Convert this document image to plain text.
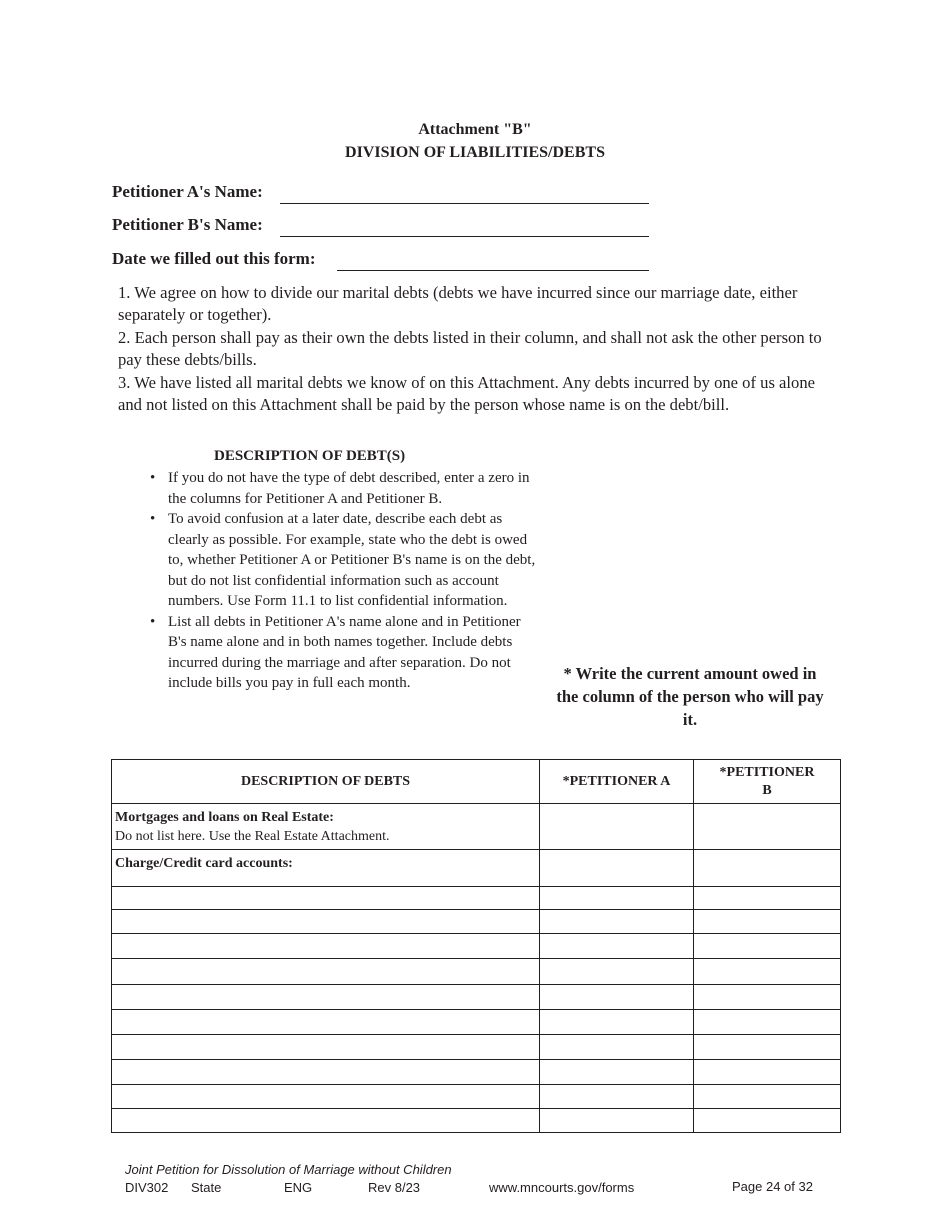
Attachment "B"
DIVISION OF LIABILITIES/DEBTS
Petitioner A's Name:
Petitioner B's Name:
Date we filled out this form:

1. We agree on how to divide our marital debts (debts we have incurred since our marriage date, either separately or together).

2. Each person shall pay as their own the debts listed in their column, and shall not ask the other person to pay these debts/bills.

3. We have listed all marital debts we know of on this Attachment. Any debts incurred by one of us alone and not listed on this Attachment shall be paid by the person whose name is on the debt/bill.

DESCRIPTION OF DEBT(S)
• If you do not have the type of debt described, enter a zero in the columns for Petitioner A and Petitioner B.
• To avoid confusion at a later date, describe each debt as clearly as possible. For example, state who the debt is owed to, whether Petitioner A or Petitioner B's name is on the debt, but do not list confidential information such as account numbers. Use Form 11.1 to list confidential information.
• List all debts in Petitioner A's name alone and in Petitioner B's name alone and in both names together. Include debts incurred during the marriage and after separation. Do not include bills you pay in full each month.	* Write the current amount owed in the column of the person who will pay it.
DESCRIPTION OF DEBTS	*PETITIONER A	*PETITIONER B
Mortgages and loans on Real Estate:
Do not list here. Use the Real Estate Attachment.		
Charge/Credit card accounts:		

Joint Petition for Dissolution of Marriage without Children
DIV302 State	ENG	Rev 8/23	www.mncourts.gov/forms	Page 24 of 32
